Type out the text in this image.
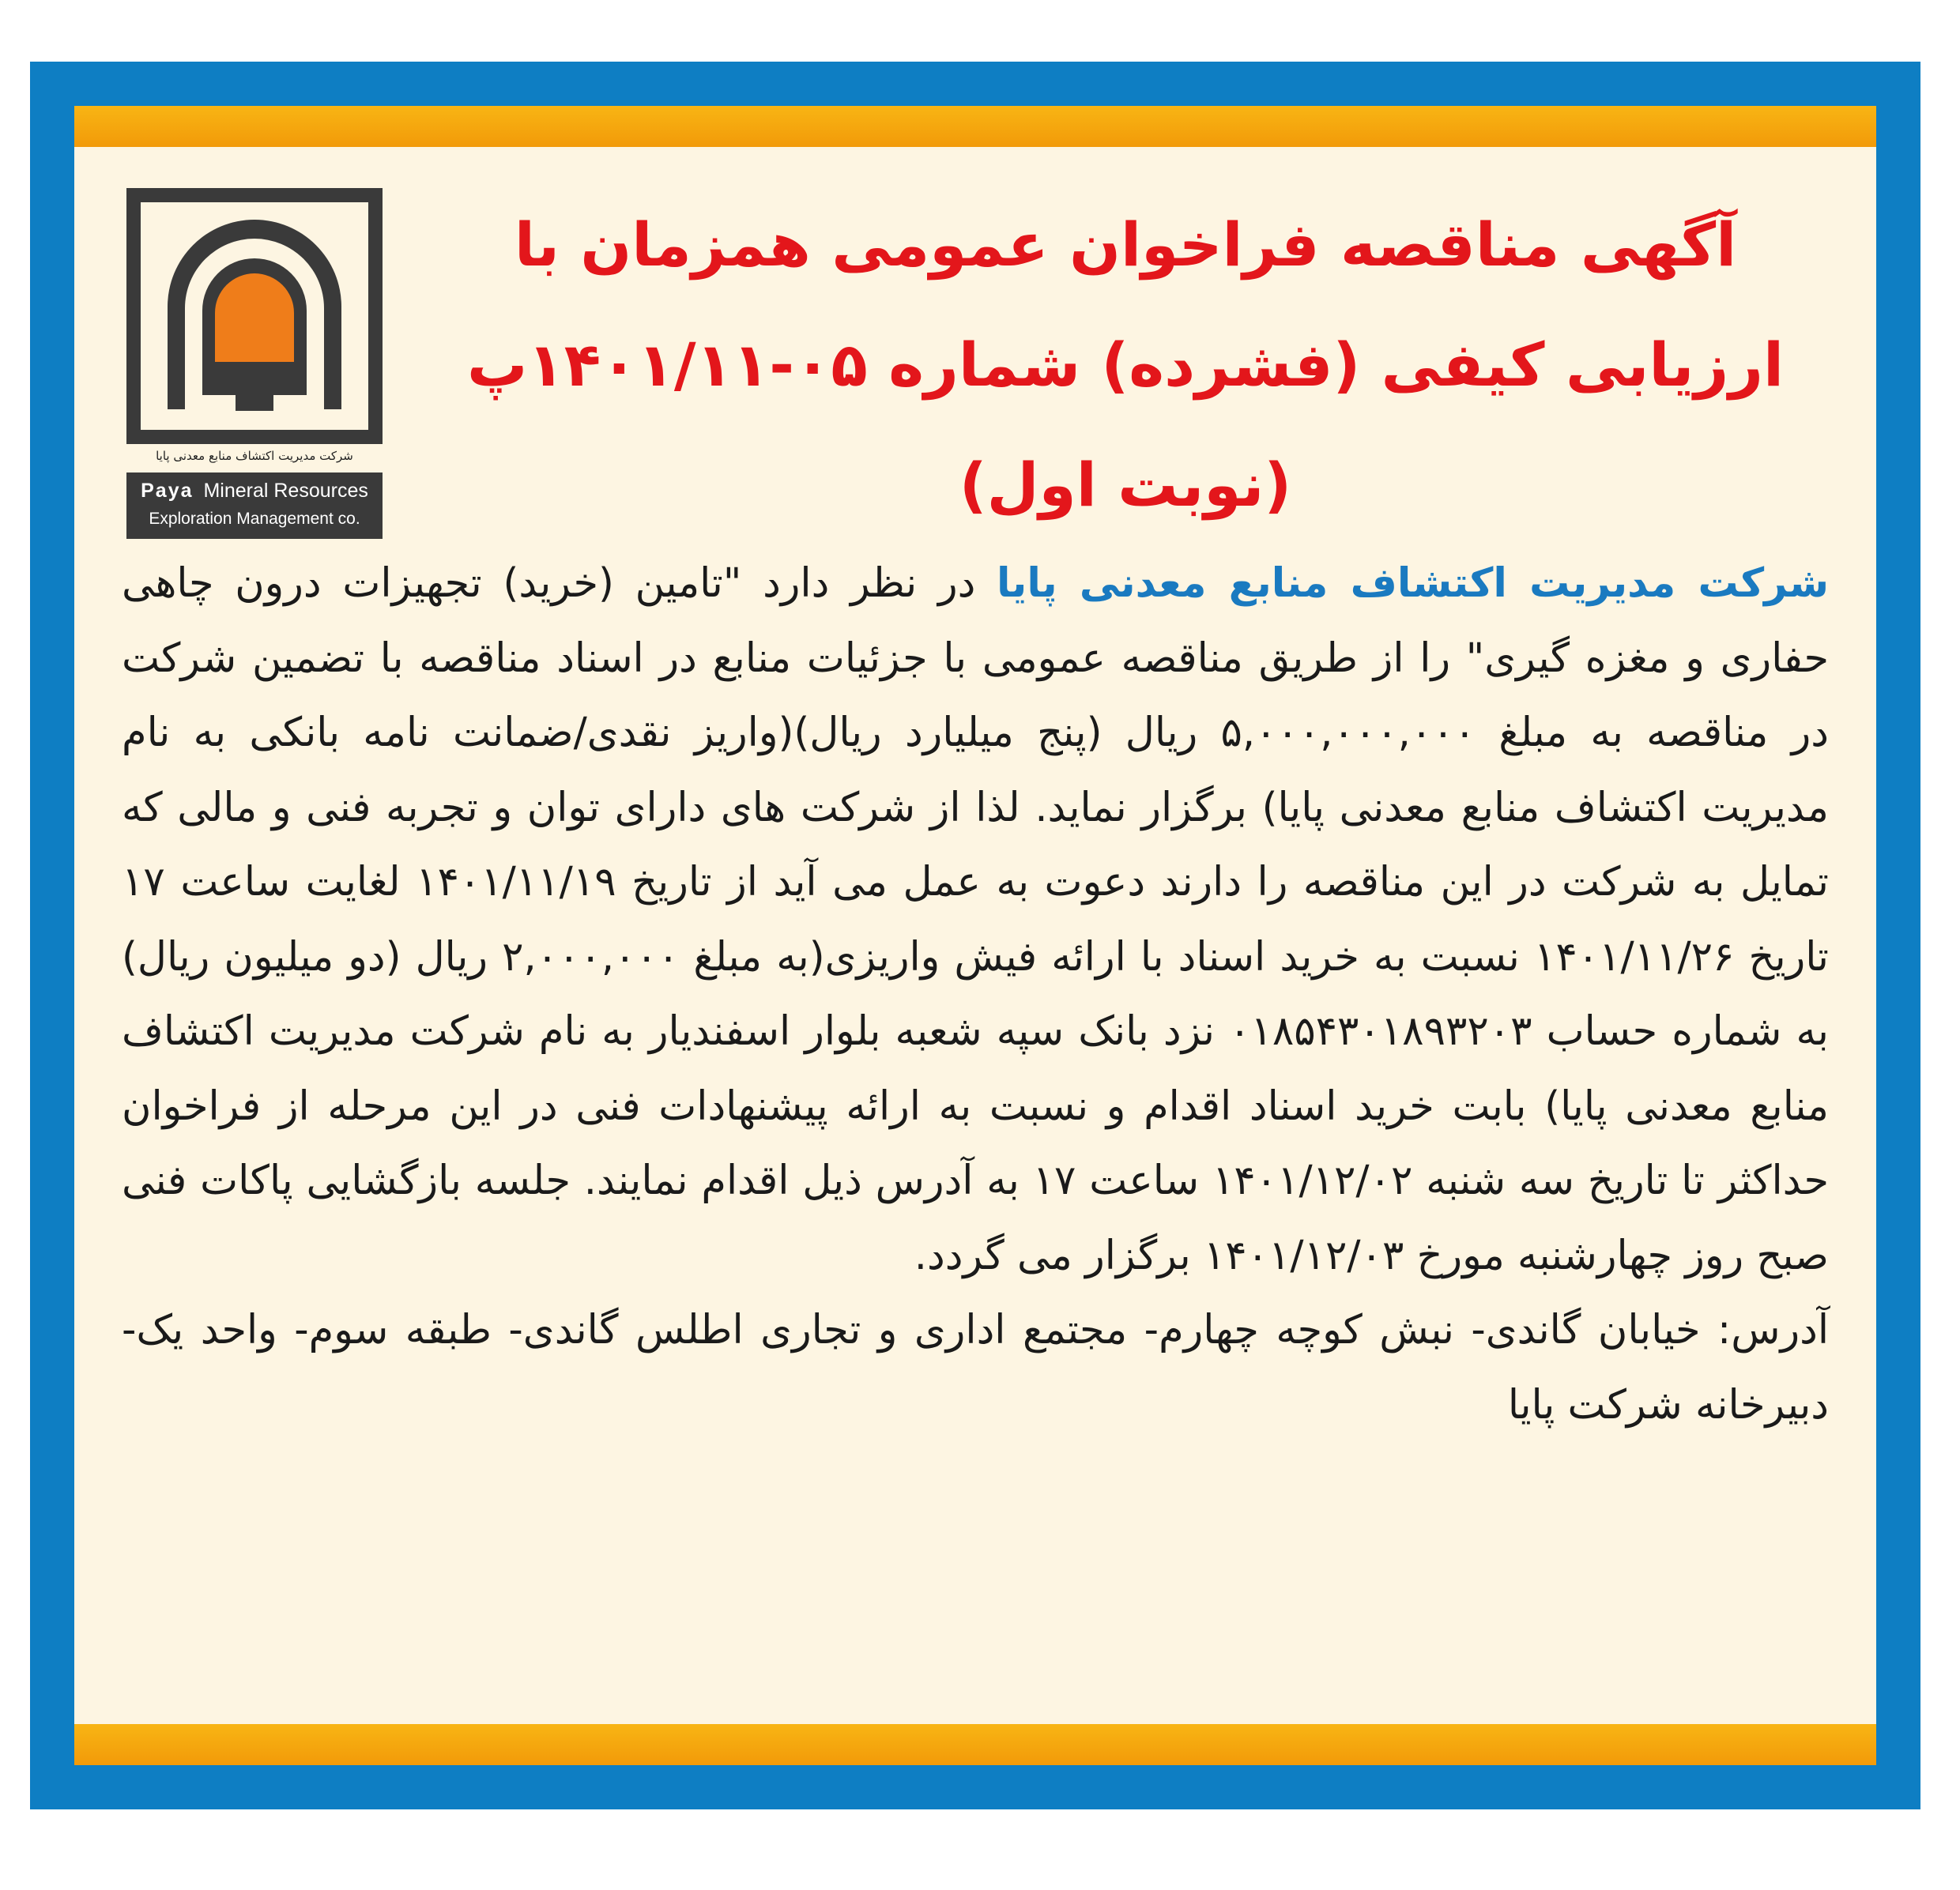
شرکت مدیریت اکتشاف منابع معدنی پایا
Paya Mineral Resources
Exploration Management co.
آگهی مناقصه فراخوان عمومی همزمان با
ارزیابی کیفی (فشرده) شماره ۰۵-۱۴۰۱/۱۱پ
(نوبت اول)
شرکت مدیریت اکتشاف منابع معدنی پایا در نظر دارد "تامین (خرید) تجهیزات درون چاهی حفاری و مغزه گیری" را از طریق مناقصه عمومی با جزئیات منابع در اسناد مناقصه با تضمین شرکت در مناقصه به مبلغ ۵,۰۰۰,۰۰۰,۰۰۰ ریال (پنج میلیارد ریال)(واریز نقدی/ضمانت نامه بانکی به نام مدیریت اکتشاف منابع معدنی پایا) برگزار نماید. لذا از شرکت های دارای توان و تجربه فنی و مالی که تمایل به شرکت در این مناقصه را دارند دعوت به عمل می آید از تاریخ ۱۴۰۱/۱۱/۱۹ لغایت ساعت ۱۷ تاریخ ۱۴۰۱/۱۱/۲۶ نسبت به خرید اسناد با ارائه فیش واریزی(به مبلغ ۲,۰۰۰,۰۰۰ ریال (دو میلیون ریال) به شماره حساب ۰۱۸۵۴۳۰۱۸۹۳۲۰۳ نزد بانک سپه شعبه بلوار اسفندیار به نام شرکت مدیریت اکتشاف منابع معدنی پایا) بابت خرید اسناد اقدام و نسبت به ارائه پیشنهادات فنی در این مرحله از فراخوان حداکثر تا تاریخ سه شنبه ۱۴۰۱/۱۲/۰۲ ساعت ۱۷ به آدرس ذیل اقدام نمایند. جلسه بازگشایی پاکات فنی صبح روز چهارشنبه مورخ ۱۴۰۱/۱۲/۰۳ برگزار می گردد.
آدرس: خیابان گاندی- نبش کوچه چهارم- مجتمع اداری و تجاری اطلس گاندی- طبقه سوم- واحد یک- دبیرخانه شرکت پایا
